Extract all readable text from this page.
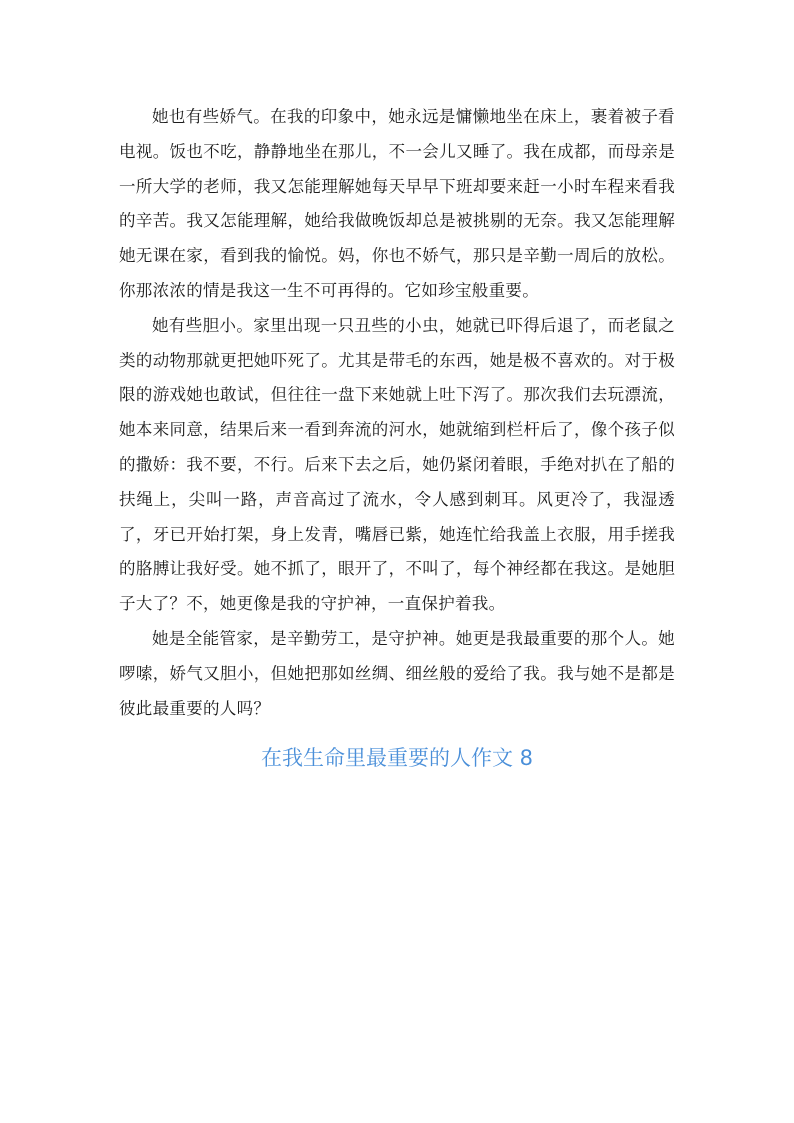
她也有些娇气。在我的印象中，她永远是慵懒地坐在床上，裹着被子看电视。饭也不吃，静静地坐在那儿，不一会儿又睡了。我在成都，而母亲是一所大学的老师，我又怎能理解她每天早早下班却要来赶一小时车程来看我的辛苦。我又怎能理解，她给我做晚饭却总是被挑剔的无奈。我又怎能理解她无课在家，看到我的愉悦。妈，你也不娇气，那只是辛勤一周后的放松。你那浓浓的情是我这一生不可再得的。它如珍宝般重要。

她有些胆小。家里出现一只丑些的小虫，她就已吓得后退了，而老鼠之类的动物那就更把她吓死了。尤其是带毛的东西，她是极不喜欢的。对于极限的游戏她也敢试，但往往一盘下来她就上吐下泻了。那次我们去玩漂流，她本来同意，结果后来一看到奔流的河水，她就缩到栏杆后了，像个孩子似的撒娇：我不要，不行。后来下去之后，她仍紧闭着眼，手绝对扒在了船的扶绳上，尖叫一路，声音高过了流水，令人感到刺耳。风更冷了，我湿透了，牙已开始打架，身上发青，嘴唇已紫，她连忙给我盖上衣服，用手搓我的胳膊让我好受。她不抓了，眼开了，不叫了，每个神经都在我这。是她胆子大了？不，她更像是我的守护神，一直保护着我。

她是全能管家，是辛勤劳工，是守护神。她更是我最重要的那个人。她啰嗦，娇气又胆小，但她把那如丝绸、细丝般的爱给了我。我与她不是都是彼此最重要的人吗？

在我生命里最重要的人作文 8
